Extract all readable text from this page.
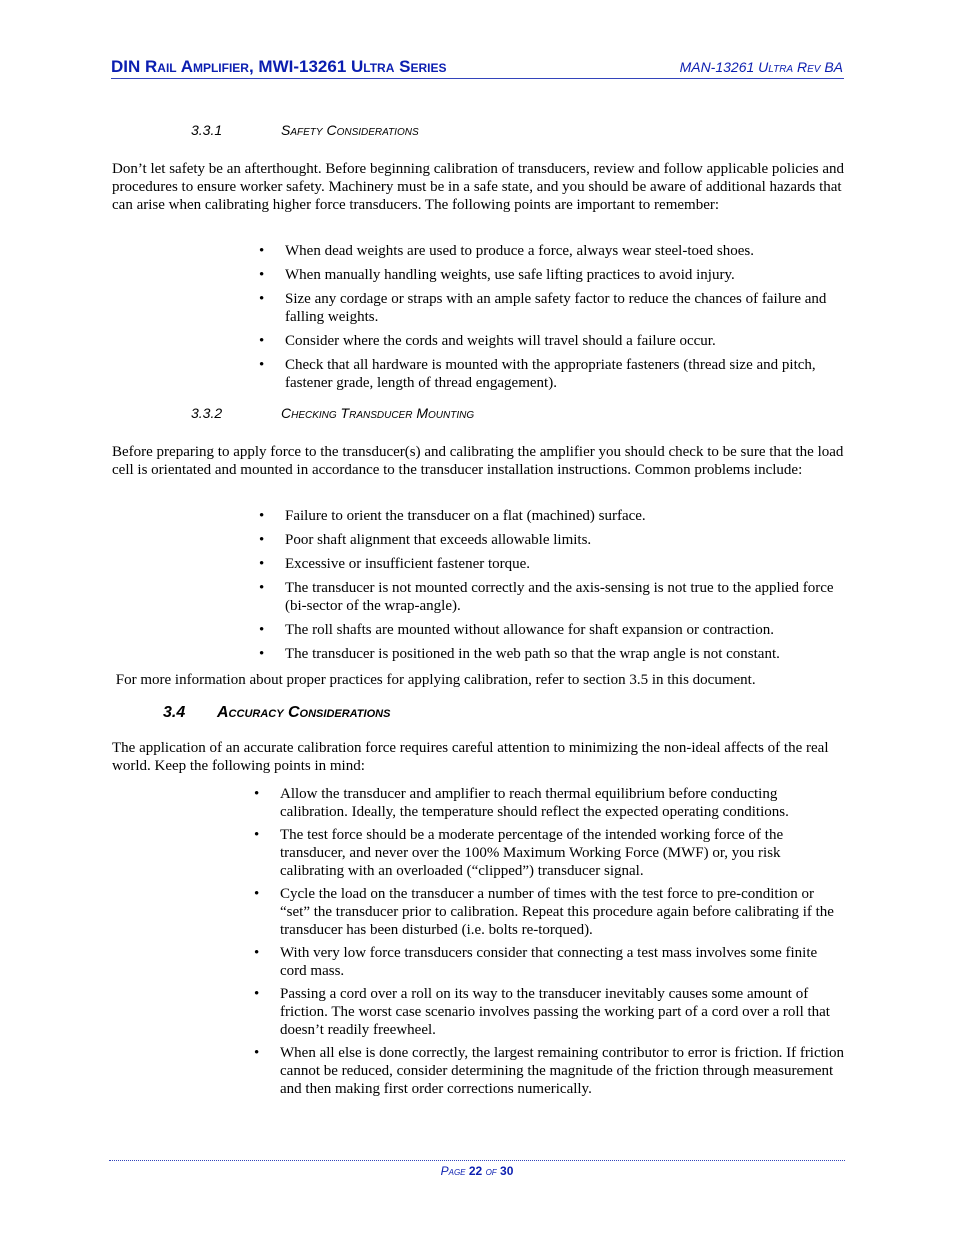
DIN Rail Amplifier, MWI-13261 Ultra Series	MAN-13261 Ultra Rev BA
3.3.1	Safety Considerations
Don’t let safety be an afterthought. Before beginning calibration of transducers, review and follow applicable policies and procedures to ensure worker safety. Machinery must be in a safe state, and you should be aware of additional hazards that can arise when calibrating higher force transducers. The following points are important to remember:
• When dead weights are used to produce a force, always wear steel-toed shoes.
• When manually handling weights, use safe lifting practices to avoid injury.
• Size any cordage or straps with an ample safety factor to reduce the chances of failure and falling weights.
• Consider where the cords and weights will travel should a failure occur.
• Check that all hardware is mounted with the appropriate fasteners (thread size and pitch, fastener grade, length of thread engagement).
3.3.2	Checking Transducer Mounting
Before preparing to apply force to the transducer(s) and calibrating the amplifier you should check to be sure that the load cell is orientated and mounted in accordance to the transducer installation instructions. Common problems include:
• Failure to orient the transducer on a flat (machined) surface.
• Poor shaft alignment that exceeds allowable limits.
• Excessive or insufficient fastener torque.
• The transducer is not mounted correctly and the axis-sensing is not true to the applied force (bi-sector of the wrap-angle).
• The roll shafts are mounted without allowance for shaft expansion or contraction.
• The transducer is positioned in the web path so that the wrap angle is not constant.
For more information about proper practices for applying calibration, refer to section 3.5 in this document.
3.4 Accuracy Considerations
The application of an accurate calibration force requires careful attention to minimizing the non-ideal affects of the real world. Keep the following points in mind:
• Allow the transducer and amplifier to reach thermal equilibrium before conducting calibration. Ideally, the temperature should reflect the expected operating conditions.
• The test force should be a moderate percentage of the intended working force of the transducer, and never over the 100% Maximum Working Force (MWF) or, you risk calibrating with an overloaded (“clipped”) transducer signal.
• Cycle the load on the transducer a number of times with the test force to pre-condition or “set” the transducer prior to calibration. Repeat this procedure again before calibrating if the transducer has been disturbed (i.e. bolts re-torqued).
• With very low force transducers consider that connecting a test mass involves some finite cord mass.
• Passing a cord over a roll on its way to the transducer inevitably causes some amount of friction. The worst case scenario involves passing the working part of a cord over a roll that doesn’t readily freewheel.
• When all else is done correctly, the largest remaining contributor to error is friction. If friction cannot be reduced, consider determining the magnitude of the friction through measurement and then making first order corrections numerically.
Page 22 of 30
